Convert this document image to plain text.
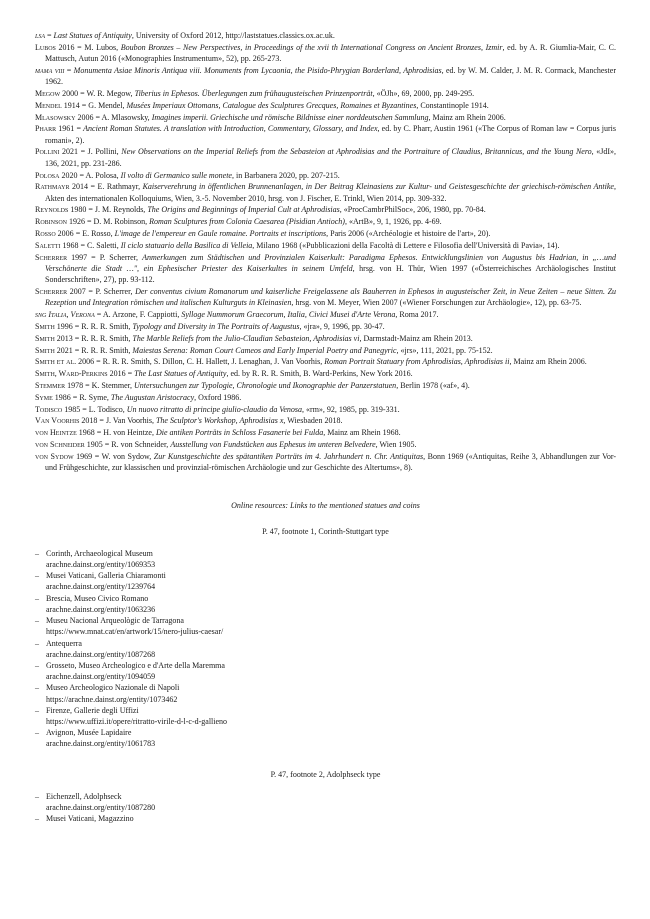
lsa = Last Statues of Antiquity, University of Oxford 2012, http://laststatues.classics.ox.ac.uk.

Lubos 2016 = M. Lubos, Boubon Bronzes – New Perspectives, in Proceedings of the xvii th International Congress on Ancient Bronzes, Izmir, ed. by A. R. Giumlia-Mair, C. C. Mattusch, Autun 2016 («Monographies Instrumentum», 52), pp. 265-273.

mama viii = Monumenta Asiae Minoris Antiqua viii. Monuments from Lycaonia, the Pisido-Phrygian Borderland, Aphrodisias, ed. by W. M. Calder, J. M. R. Cormack, Manchester 1962.

Megow 2000 = W. R. Megow, Tiberius in Ephesos. Überlegungen zum frühaugusteischen Prinzenporträt, «ÖJh», 69, 2000, pp. 249-295.

Mendel 1914 = G. Mendel, Musées Imperiaux Ottomans, Catalogue des Sculptures Grecques, Romaines et Byzantines, Constantinople 1914.

Mlasowsky 2006 = A. Mlasowsky, Imagines imperii. Griechische und römische Bildnisse einer norddeutschen Sammlung, Mainz am Rhein 2006.

Pharr 1961 = Ancient Roman Statutes. A translation with Introduction, Commentary, Glossary, and Index, ed. by C. Pharr, Austin 1961 («The Corpus of Roman law = Corpus juris romani», 2).

Pollini 2021 = J. Pollini, New Observations on the Imperial Reliefs from the Sebasteion at Aphrodisias and the Portraiture of Claudius, Britannicus, and the Young Nero, «JdI», 136, 2021, pp. 231-286.

Polosa 2020 = A. Polosa, Il volto di Germanico sulle monete, in Barbanera 2020, pp. 207-215.

Rathmayr 2014 = E. Rathmayr, Kaiserverehrung in öffentlichen Brunnenanlagen, in Der Beitrag Kleinasiens zur Kultur- und Geistesgeschichte der griechisch-römischen Antike, Akten des internationalen Kolloquiums, Wien, 3.-5. November 2010, hrsg. von J. Fischer, E. Trinkl, Wien 2014, pp. 309-332.

Reynolds 1980 = J. M. Reynolds, The Origins and Beginnings of Imperial Cult at Aphrodisias, «ProcCambrPhilSoc», 206, 1980, pp. 70-84.

Robinson 1926 = D. M. Robinson, Roman Sculptures from Colonia Caesarea (Pisidian Antioch), «ArtB», 9, 1, 1926, pp. 4-69.

Rosso 2006 = E. Rosso, L'image de l'empereur en Gaule romaine. Portraits et inscriptions, Paris 2006 («Archéologie et histoire de l'art», 20).

Saletti 1968 = C. Saletti, Il ciclo statuario della Basilica di Velleia, Milano 1968 («Pubblicazioni della Facoltà di Lettere e Filosofia dell'Università di Pavia», 14).

Scherrer 1997 = P. Scherrer, Anmerkungen zum Städtischen und Provinzialen Kaiserkult: Paradigma Ephesos. Entwicklungslinien von Augustus bis Hadrian, in „…und Verschönerte die Stadt …", ein Ephesischer Priester des Kaiserkultes in seinem Umfeld, hrsg. von H. Thür, Wien 1997 («Österreichisches Archäologisches Institut Sonderschriften», 27), pp. 93-112.

Scherrer 2007 = P. Scherrer, Der conventus civium Romanorum und kaiserliche Freigelassene als Bauherren in Ephesos in augusteischer Zeit, in Neue Zeiten – neue Sitten. Zu Rezeption und Integration römischen und italischen Kulturguts in Kleinasien, hrsg. von M. Meyer, Wien 2007 («Wiener Forschungen zur Archäologie», 12), pp. 63-75.

sng Italia, Verona = A. Arzone, F. Cappiotti, Sylloge Nummorum Graecorum, Italia, Civici Musei d'Arte Verona, Roma 2017.

Smith 1996 = R. R. R. Smith, Typology and Diversity in The Portraits of Augustus, «jra», 9, 1996, pp. 30-47.

Smith 2013 = R. R. R. Smith, The Marble Reliefs from the Julio-Claudian Sebasteion, Aphrodisias vi, Darmstadt-Mainz am Rhein 2013.

Smith 2021 = R. R. R. Smith, Maiestas Serena: Roman Court Cameos and Early Imperial Poetry and Panegyric, «jrs», 111, 2021, pp. 75-152.

Smith et al. 2006 = R. R. R. Smith, S. Dillon, C. H. Hallett, J. Lenaghan, J. Van Voorhis, Roman Portrait Statuary from Aphrodisias, Aphrodisias ii, Mainz am Rhein 2006.

Smith, Ward-Perkins 2016 = The Last Statues of Antiquity, ed. by R. R. R. Smith, B. Ward-Perkins, New York 2016.

Stemmer 1978 = K. Stemmer, Untersuchungen zur Typologie, Chronologie und Ikonographie der Panzerstatuen, Berlin 1978 («af», 4).

Syme 1986 = R. Syme, The Augustan Aristocracy, Oxford 1986.

Todisco 1985 = L. Todisco, Un nuovo ritratto di principe giulio-claudio da Venosa, «rm», 92, 1985, pp. 319-331.

Van Voorhis 2018 = J. Van Voorhis, The Sculptor's Workshop, Aphrodisias x, Wiesbaden 2018.

von Heintze 1968 = H. von Heintze, Die antiken Porträts in Schloss Fasanerie bei Fulda, Mainz am Rhein 1968.

von Schneider 1905 = R. von Schneider, Ausstellung von Fundstücken aus Ephesus im unteren Belvedere, Wien 1905.

von Sydow 1969 = W. von Sydow, Zur Kunstgeschichte des spätantiken Porträts im 4. Jahrhundert n. Chr. Antiquitas, Bonn 1969 («Antiquitas, Reihe 3, Abhandlungen zur Vor- und Frühgeschichte, zur klassischen und provinzial-römischen Archäologie und zur Geschichte des Altertums», 8).

Online resources: Links to the mentioned statues and coins
P. 47, footnote 1, Corinth-Stuttgart type
– Corinth, Archaeological Museum
arachne.dainst.org/entity/1069353
– Musei Vaticani, Galleria Chiaramonti
arachne.dainst.org/entity/1239764
– Brescia, Museo Civico Romano
arachne.dainst.org/entity/1063236
– Museu Nacional Arqueològic de Tarragona
https://www.mnat.cat/en/artwork/15/nero-julius-caesar/
– Antequerra
arachne.dainst.org/entity/1087268
– Grosseto, Museo Archeologico e d'Arte della Maremma
arachne.dainst.org/entity/1094059
– Museo Archeologico Nazionale di Napoli
https://arachne.dainst.org/entity/1073462
– Firenze, Gallerie degli Uffizi
https://www.uffizi.it/opere/ritratto-virile-d-l-c-d-gallieno
– Avignon, Musée Lapidaire
arachne.dainst.org/entity/1061783
P. 47, footnote 2, Adolphseck type
– Eichenzell, Adolphseck
arachne.dainst.org/entity/1087280
– Musei Vaticani, Magazzino
